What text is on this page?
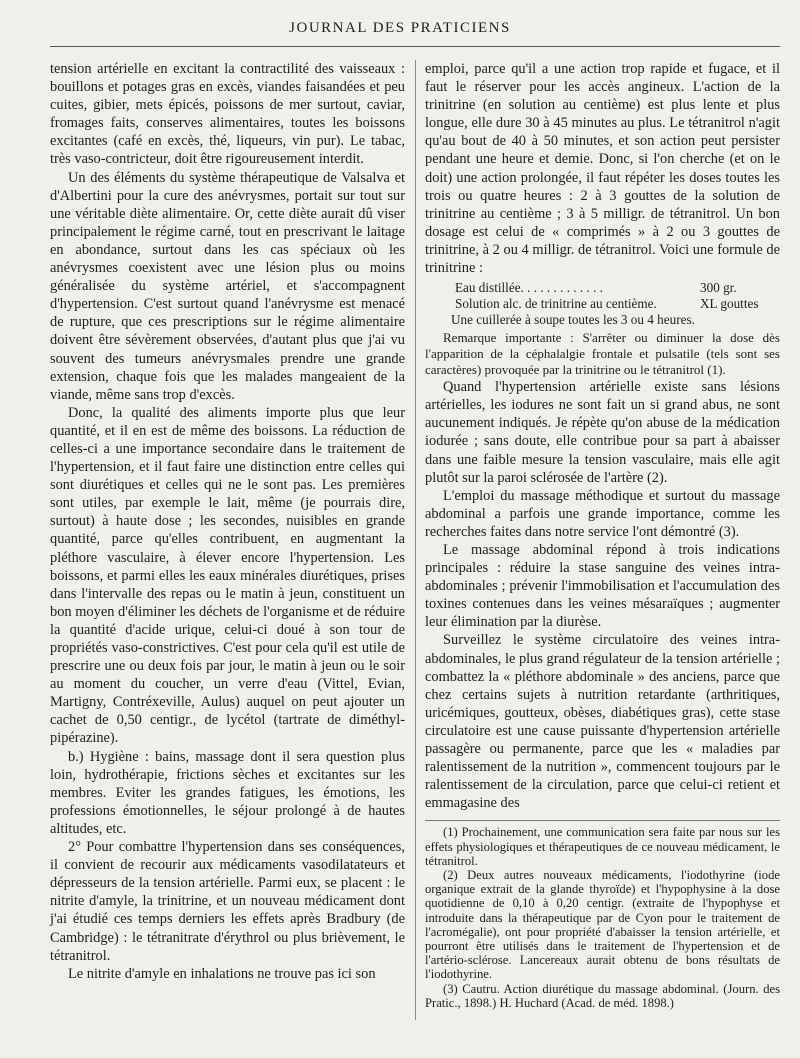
JOURNAL DES PRATICIENS

tension artérielle en excitant la contractilité des vaisseaux : bouillons et potages gras en excès, viandes faisandées et peu cuites, gibier, mets épicés, poissons de mer surtout, caviar, fromages faits, conserves alimentaires, toutes les boissons excitantes (café en excès, thé, liqueurs, vin pur). Le tabac, très vaso-contricteur, doit être rigoureusement interdit.

Un des éléments du système thérapeutique de Valsalva et d'Albertini pour la cure des anévrysmes, portait sur tout sur une véritable diète alimentaire. Or, cette diète aurait dû viser principalement le régime carné, tout en prescrivant le laitage en abondance, surtout dans les cas spéciaux où les anévrysmes coexistent avec une lésion plus ou moins généralisée du système artériel, et s'accompagnent d'hypertension. C'est surtout quand l'anévrysme est menacé de rupture, que ces prescriptions sur le régime alimentaire doivent être sévèrement observées, d'autant plus que j'ai vu souvent des tumeurs anévrysmales prendre une grande extension, chaque fois que les malades mangeaient de la viande, même sans trop d'excès.

Donc, la qualité des aliments importe plus que leur quantité, et il en est de même des boissons. La réduction de celles-ci a une importance secondaire dans le traitement de l'hypertension, et il faut faire une distinction entre celles qui sont diurétiques et celles qui ne le sont pas. Les premières sont utiles, par exemple le lait, même (je pourrais dire, surtout) à haute dose ; les secondes, nuisibles en grande quantité, parce qu'elles contribuent, en augmentant la pléthore vasculaire, à élever encore l'hypertension. Les boissons, et parmi elles les eaux minérales diurétiques, prises dans l'intervalle des repas ou le matin à jeun, constituent un bon moyen d'éliminer les déchets de l'organisme et de réduire la quantité d'acide urique, celui-ci doué à son tour de propriétés vaso-constrictives. C'est pour cela qu'il est utile de prescrire une ou deux fois par jour, le matin à jeun ou le soir au moment du coucher, un verre d'eau (Vittel, Evian, Martigny, Contréxeville, Aulus) auquel on peut ajouter un cachet de 0,50 centigr., de lycétol (tartrate de diméthyl-pipérazine).

b.) Hygiène : bains, massage dont il sera question plus loin, hydrothérapie, frictions sèches et excitantes sur les membres. Eviter les grandes fatigues, les émotions, les professions émotionnelles, le séjour prolongé à de hautes altitudes, etc.

2° Pour combattre l'hypertension dans ses conséquences, il convient de recourir aux médicaments vasodilatateurs et dépresseurs de la tension artérielle. Parmi eux, se placent : le nitrite d'amyle, la trinitrine, et un nouveau médicament dont j'ai étudié ces temps derniers les effets après Bradbury (de Cambridge) : le tétranitrate d'érythrol ou plus brièvement, le tétranitrol.

Le nitrite d'amyle en inhalations ne trouve pas ici son

emploi, parce qu'il a une action trop rapide et fugace, et il faut le réserver pour les accès angineux. L'action de la trinitrine (en solution au centième) est plus lente et plus longue, elle dure 30 à 45 minutes au plus. Le tétranitrol n'agit qu'au bout de 40 à 50 minutes, et son action peut persister pendant une heure et demie. Donc, si l'on cherche (et on le doit) une action prolongée, il faut répéter les doses toutes les trois ou quatre heures : 2 à 3 gouttes de la solution de trinitrine au centième ; 3 à 5 milligr. de tétranitrol. Un bon dosage est celui de « comprimés » à 2 ou 3 gouttes de trinitrine, à 2 ou 4 milligr. de tétranitrol. Voici une formule de trinitrine :

Eau distillée. . . . . . . . . . . . .	300 gr.
Solution alc. de trinitrine au centième.	XL gouttes
Une cuillerée à soupe toutes les 3 ou 4 heures.

Remarque importante : S'arrêter ou diminuer la dose dès l'apparition de la céphalalgie frontale et pulsatile (tels sont ses caractères) provoquée par la trinitrine ou le tétranitrol (1).

Quand l'hypertension artérielle existe sans lésions artérielles, les iodures ne sont fait un si grand abus, ne sont aucunement indiqués. Je répète qu'on abuse de la médication iodurée ; sans doute, elle contribue pour sa part à abaisser dans une faible mesure la tension vasculaire, mais elle agit plutôt sur la paroi sclérosée de l'artère (2).

L'emploi du massage méthodique et surtout du massage abdominal a parfois une grande importance, comme les recherches faites dans notre service l'ont démontré (3).

Le massage abdominal répond à trois indications principales : réduire la stase sanguine des veines intra-abdominales ; prévenir l'immobilisation et l'accumulation des toxines contenues dans les veines mésaraïques ; augmenter leur élimination par la diurèse.

Surveillez le système circulatoire des veines intra-abdominales, le plus grand régulateur de la tension artérielle ; combattez la « pléthore abdominale » des anciens, parce que chez certains sujets à nutrition retardante (arthritiques, uricémiques, goutteux, obèses, diabétiques gras), cette stase circulatoire est une cause puissante d'hypertension artérielle passagère ou permanente, parce que les « maladies par ralentissement de la nutrition », commencent toujours par le ralentissement de la circulation, parce que celui-ci retient et emmagasine des

(1) Prochainement, une communication sera faite par nous sur les effets physiologiques et thérapeutiques de ce nouveau médicament, le tétranitrol.

(2) Deux autres nouveaux médicaments, l'iodothyrine (iode organique extrait de la glande thyroïde) et l'hypophysine à la dose quotidienne de 0,10 à 0,20 centigr. (extraite de l'hypophyse et introduite dans la thérapeutique par de Cyon pour le traitement de l'acromégalie), ont pour propriété d'abaisser la tension artérielle, et pourront être utilisés dans le traitement de l'hypertension et de l'artério-sclérose. Lancereaux aurait obtenu de bons résultats de l'iodothyrine.

(3) Cautru. Action diurétique du massage abdominal. (Journ. des Pratic., 1898.) H. Huchard (Acad. de méd. 1898.)
